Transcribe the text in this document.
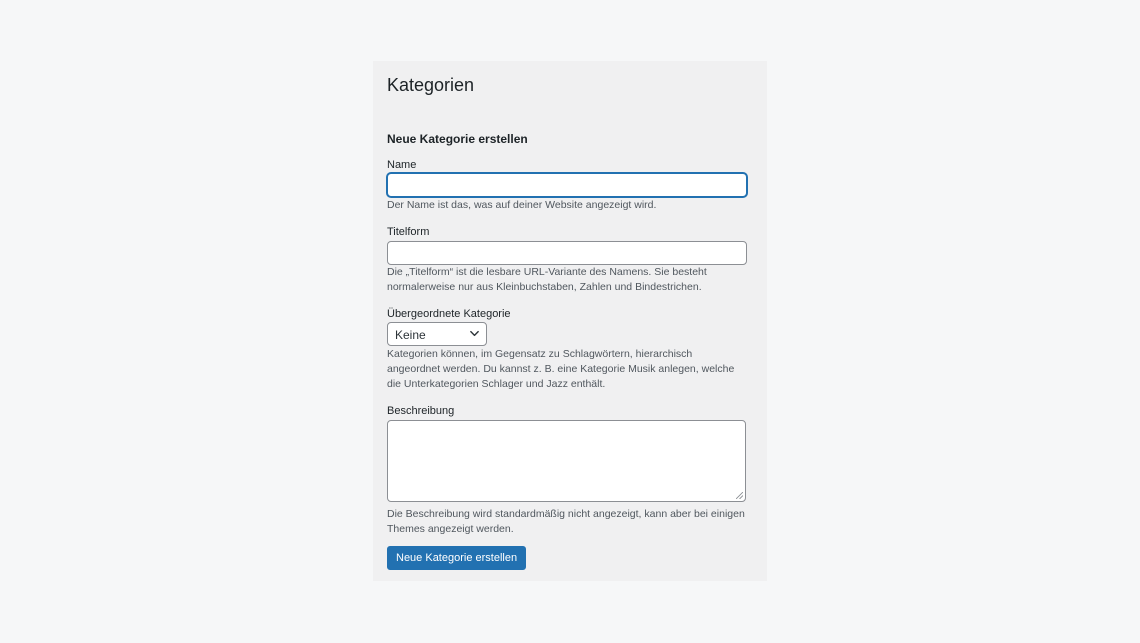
Kategorien
Neue Kategorie erstellen
Name

Der Name ist das, was auf deiner Website angezeigt wird.

Titelform

Die „Titelform“ ist die lesbare URL-Variante des Namens. Sie besteht normalerweise nur aus Kleinbuchstaben, Zahlen und Bindestrichen.

Übergeordnete Kategorie
Keine

Kategorien können, im Gegensatz zu Schlagwörtern, hierarchisch angeordnet werden. Du kannst z. B. eine Kategorie Musik anlegen, welche die Unterkategorien Schlager und Jazz enthält.

Beschreibung

Die Beschreibung wird standardmäßig nicht angezeigt, kann aber bei einigen Themes angezeigt werden.

Neue Kategorie erstellen
